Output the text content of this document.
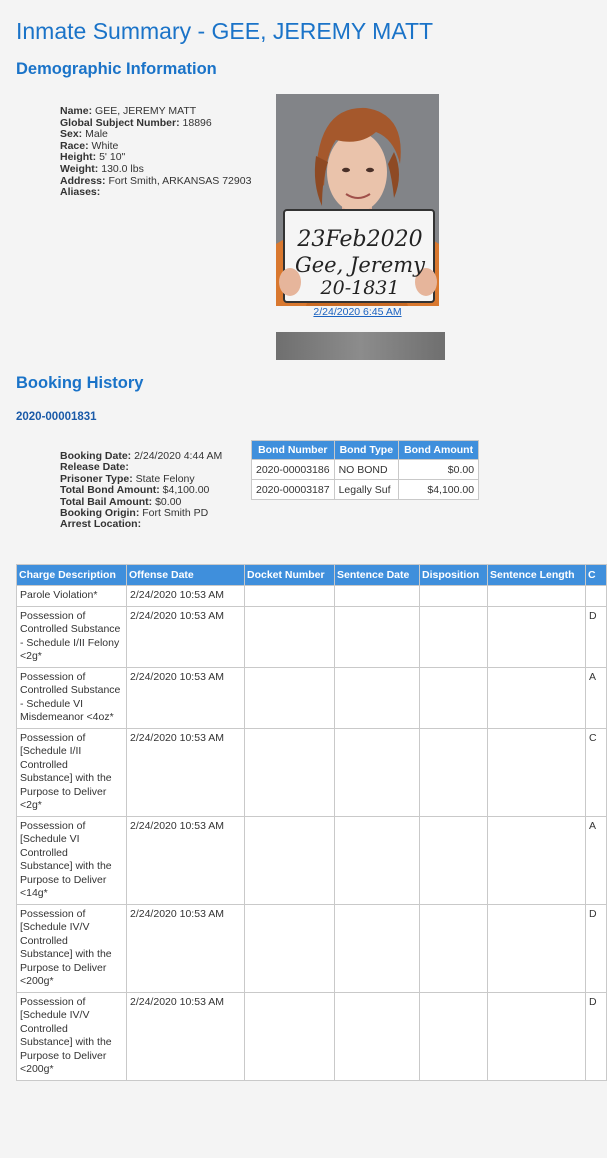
Inmate Summary - GEE, JEREMY MATT
Demographic Information
Name: GEE, JEREMY MATT
Global Subject Number: 18896
Sex: Male
Race: White
Height: 5' 10"
Weight: 130.0 lbs
Address: Fort Smith, ARKANSAS 72903
Aliases:
23Feb2020
Gee, Jeremy
20-1831
2/24/2020 6:45 AM
Booking History
2020-00001831
Booking Date: 2/24/2020 4:44 AM
Release Date:
Prisoner Type: State Felony
Total Bond Amount: $4,100.00
Total Bail Amount: $0.00
Booking Origin: Fort Smith PD
Arrest Location:
Bond Number	Bond Type	Bond Amount
2020-00003186	NO BOND	$0.00
2020-00003187	Legally Suf	$4,100.00
Charge Description	Offense Date	Docket Number	Sentence Date	Disposition	Sentence Length	C
Parole Violation*	2/24/2020 10:53 AM					
Possession of Controlled Substance - Schedule I/II Felony <2g*	2/24/2020 10:53 AM					D
Possession of Controlled Substance - Schedule VI Misdemeanor <4oz*	2/24/2020 10:53 AM					A
Possession of [Schedule I/II Controlled Substance] with the Purpose to Deliver <2g*	2/24/2020 10:53 AM					C
Possession of [Schedule VI Controlled Substance] with the Purpose to Deliver <14g*	2/24/2020 10:53 AM					A
Possession of [Schedule IV/V Controlled Substance] with the Purpose to Deliver <200g*	2/24/2020 10:53 AM					D
Possession of [Schedule IV/V Controlled Substance] with the Purpose to Deliver <200g*	2/24/2020 10:53 AM					D
